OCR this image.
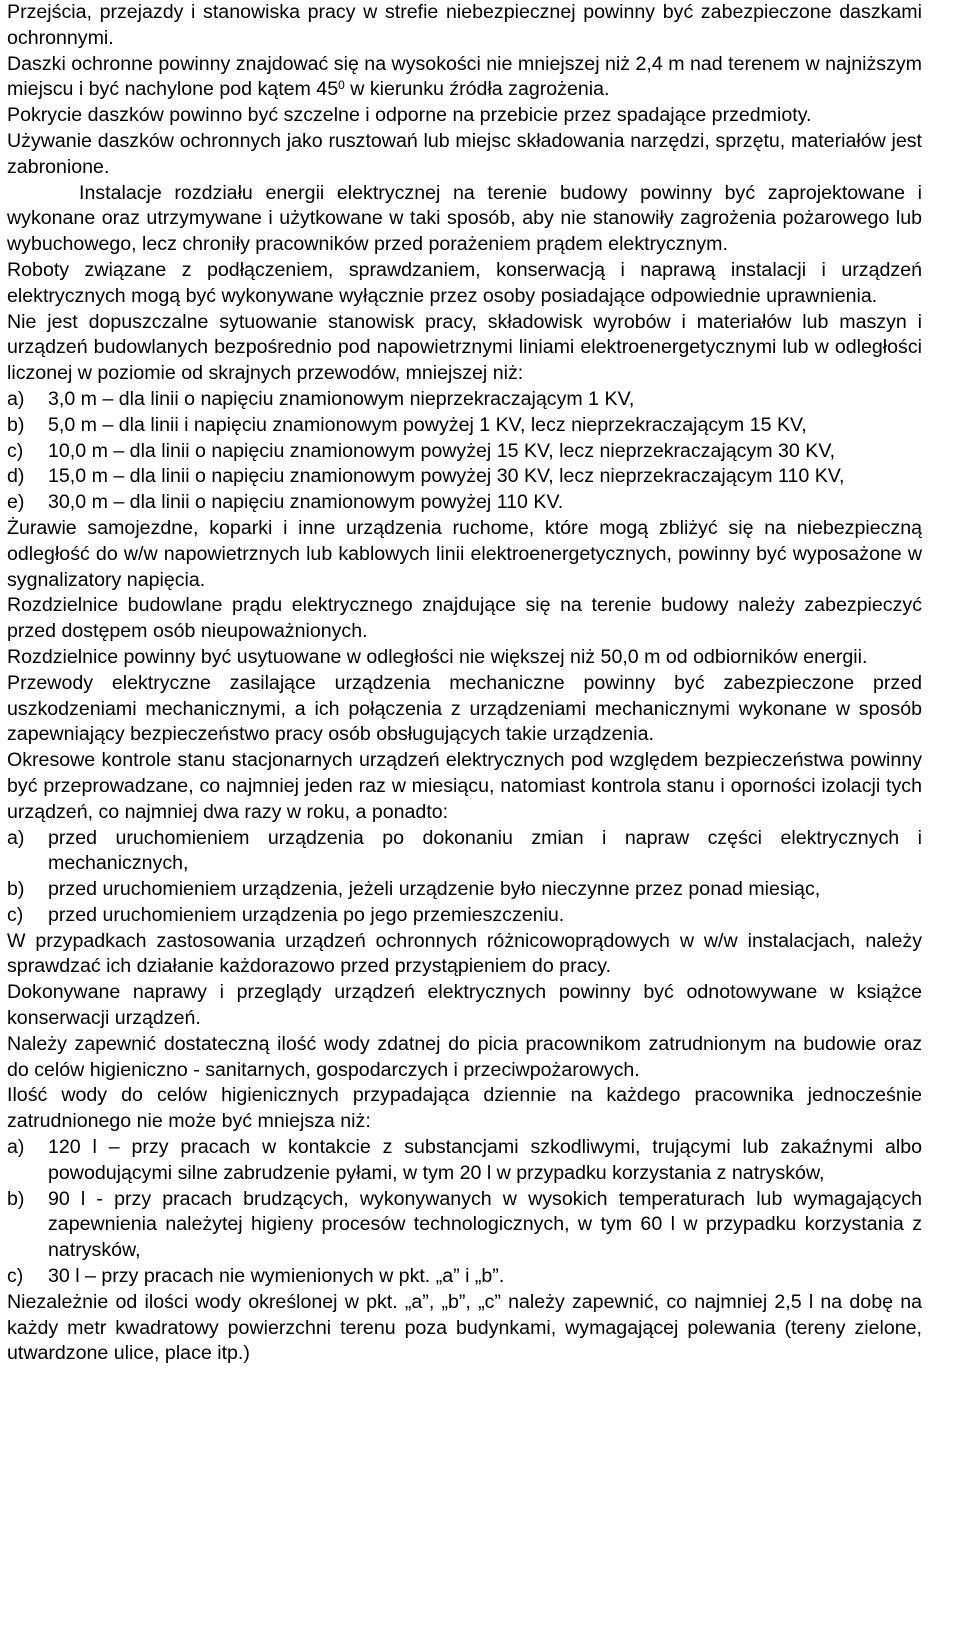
Przejścia, przejazdy i stanowiska pracy w strefie niebezpiecznej powinny być zabezpieczone daszkami ochronnymi.

Daszki ochronne powinny znajdować się na wysokości nie mniejszej niż 2,4 m nad terenem w najniższym miejscu i być nachylone pod kątem $45^0$ w kierunku źródła zagrożenia.

Pokrycie daszków powinno być szczelne i odporne na przebicie przez spadające przedmioty.

Używanie daszków ochronnych jako rusztowań lub miejsc składowania narzędzi, sprzętu, materiałów jest zabronione.

Instalacje rozdziału energii elektrycznej na terenie budowy powinny być zaprojektowane i wykonane oraz utrzymywane i użytkowane w taki sposób, aby nie stanowiły zagrożenia pożarowego lub wybuchowego, lecz chroniły pracowników przed porażeniem prądem elektrycznym.

Roboty związane z podłączeniem, sprawdzaniem, konserwacją i naprawą instalacji i urządzeń elektrycznych mogą być wykonywane wyłącznie przez osoby posiadające odpowiednie uprawnienia.

Nie jest dopuszczalne sytuowanie stanowisk pracy, składowisk wyrobów i materiałów lub maszyn i urządzeń budowlanych bezpośrednio pod napowietrznymi liniami elektroenergetycznymi lub w odległości liczonej w poziomie od skrajnych przewodów, mniejszej niż:

a)	3,0 m – dla linii o napięciu znamionowym nieprzekraczającym 1 KV,
b)	5,0 m – dla linii i napięciu znamionowym powyżej 1 KV, lecz nieprzekraczającym 15 KV,
c)	10,0 m – dla linii o napięciu znamionowym powyżej 15 KV, lecz nieprzekraczającym 30 KV,
d)	15,0 m – dla linii o napięciu znamionowym powyżej 30 KV, lecz nieprzekraczającym 110 KV,
e)	30,0 m – dla linii o napięciu znamionowym powyżej 110 KV.

Żurawie samojezdne, koparki i inne urządzenia ruchome, które mogą zbliżyć się na niebezpieczną odległość do w/w napowietrznych lub kablowych linii elektroenergetycznych, powinny być wyposażone w sygnalizatory napięcia.

Rozdzielnice budowlane prądu elektrycznego znajdujące się na terenie budowy należy zabezpieczyć przed dostępem osób nieupoważnionych.

Rozdzielnice powinny być usytuowane w odległości nie większej niż 50,0 m od odbiorników energii.

Przewody elektryczne zasilające urządzenia mechaniczne powinny być zabezpieczone przed uszkodzeniami mechanicznymi, a ich połączenia z urządzeniami mechanicznymi wykonane w sposób zapewniający bezpieczeństwo pracy osób obsługujących takie urządzenia.

Okresowe kontrole stanu stacjonarnych urządzeń elektrycznych pod względem bezpieczeństwa powinny być przeprowadzane, co najmniej jeden raz w miesiącu, natomiast kontrola stanu i oporności izolacji tych urządzeń, co najmniej dwa razy w roku, a ponadto:

a)	przed uruchomieniem urządzenia po dokonaniu zmian i napraw części elektrycznych i mechanicznych,
b)	przed uruchomieniem urządzenia, jeżeli urządzenie było nieczynne przez ponad miesiąc,
c)	przed uruchomieniem urządzenia po jego przemieszczeniu.

W przypadkach zastosowania urządzeń ochronnych różnicowoprądowych w w/w instalacjach, należy sprawdzać ich działanie każdorazowo przed przystąpieniem do pracy.

Dokonywane naprawy i przeglądy urządzeń elektrycznych powinny być odnotowywane w książce konserwacji urządzeń.

Należy zapewnić dostateczną ilość wody zdatnej do picia pracownikom zatrudnionym na budowie oraz do celów higieniczno - sanitarnych, gospodarczych i przeciwpożarowych.

Ilość wody do celów higienicznych przypadająca dziennie na każdego pracownika jednocześnie zatrudnionego nie może być mniejsza niż:

a)	120 l – przy pracach w kontakcie z substancjami szkodliwymi, trującymi lub zakaźnymi albo powodującymi silne zabrudzenie pyłami, w tym 20 l w przypadku korzystania z natrysków,
b)	90 l - przy pracach brudzących, wykonywanych w wysokich temperaturach lub wymagających zapewnienia należytej higieny procesów technologicznych, w tym 60 l w przypadku korzystania z natrysków,
c)	30 l – przy pracach nie wymienionych w pkt. „a” i „b”.

Niezależnie od ilości wody określonej w pkt. „a”, „b”, „c” należy zapewnić, co najmniej 2,5 l na dobę na każdy metr kwadratowy powierzchni terenu poza budynkami, wymagającej polewania (tereny zielone, utwardzone ulice, place itp.)
